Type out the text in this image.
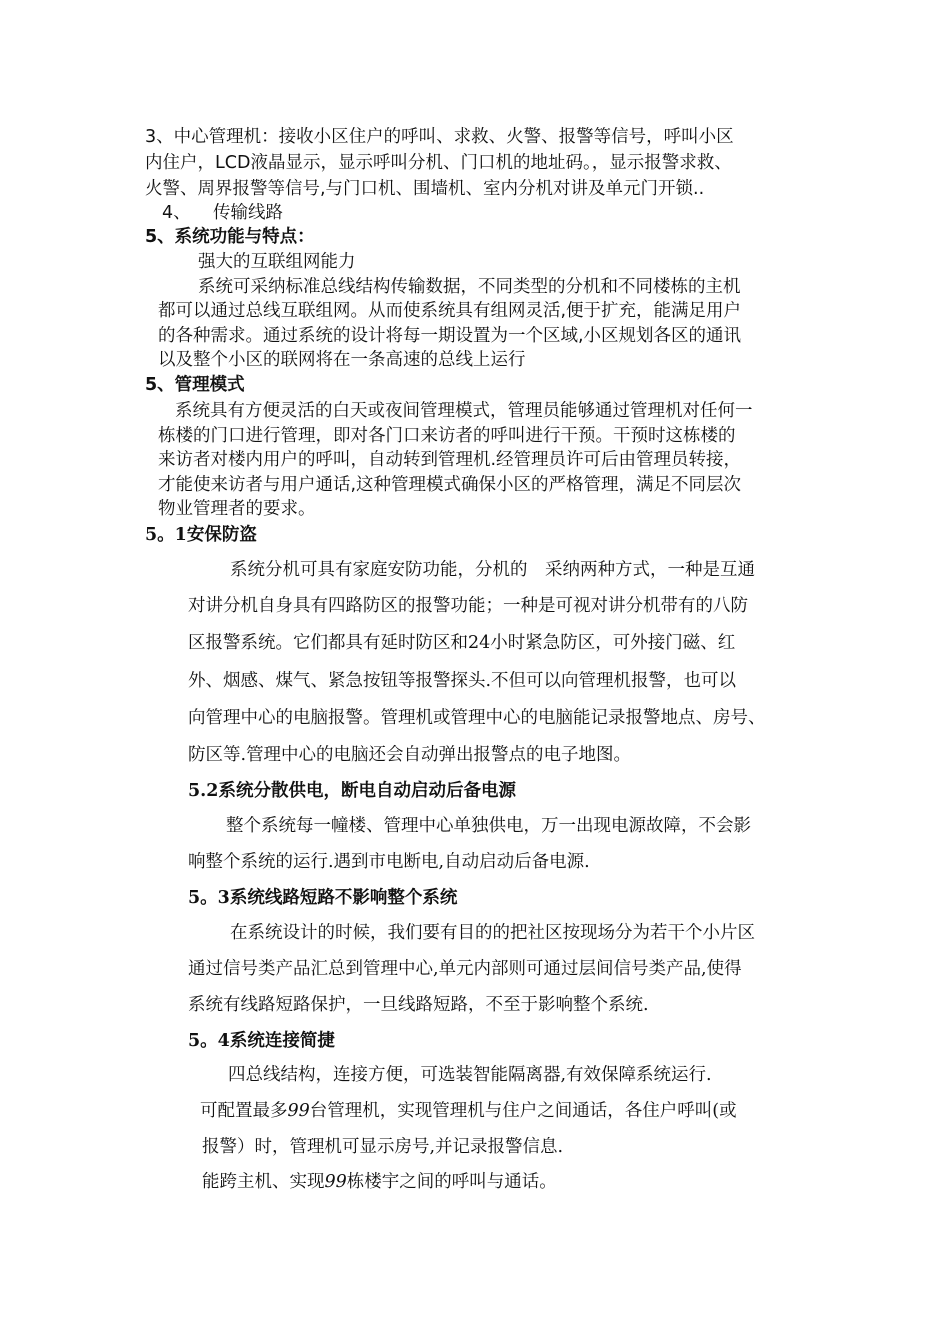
3、中心管理机：接收小区住户的呼叫、求救、火警、报警等信号，呼叫小区
内住户，LCD液晶显示，显示呼叫分机、门口机的地址码。，显示报警求救、
火警、周界报警等信号,与门口机、围墙机、室内分机对讲及单元门开锁..
4、 传输线路
5、系统功能与特点：
强大的互联组网能力
系统可采纳标准总线结构传输数据，不同类型的分机和不同楼栋的主机
都可以通过总线互联组网。从而使系统具有组网灵活,便于扩充，能满足用户
的各种需求。通过系统的设计将每一期设置为一个区域,小区规划各区的通讯
以及整个小区的联网将在一条高速的总线上运行
5、管理模式
系统具有方便灵活的白天或夜间管理模式，管理员能够通过管理机对任何一
栋楼的门口进行管理，即对各门口来访者的呼叫进行干预。干预时这栋楼的
来访者对楼内用户的呼叫，自动转到管理机.经管理员许可后由管理员转接，
才能使来访者与用户通话,这种管理模式确保小区的严格管理，满足不同层次
物业管理者的要求。
5。1安保防盗
系统分机可具有家庭安防功能，分机的　采纳两种方式，一种是互通
对讲分机自身具有四路防区的报警功能；一种是可视对讲分机带有的八防
区报警系统。它们都具有延时防区和24小时紧急防区，可外接门磁、红
外、烟感、煤气、紧急按钮等报警探头.不但可以向管理机报警，也可以
向管理中心的电脑报警。管理机或管理中心的电脑能记录报警地点、房号、
防区等.管理中心的电脑还会自动弹出报警点的电子地图。
5.2系统分散供电，断电自动启动后备电源
整个系统每一幢楼、管理中心单独供电，万一出现电源故障，不会影
响整个系统的运行.遇到市电断电,自动启动后备电源.
5。3系统线路短路不影响整个系统
在系统设计的时候，我们要有目的的把社区按现场分为若干个小片区
通过信号类产品汇总到管理中心,单元内部则可通过层间信号类产品,使得
系统有线路短路保护，一旦线路短路，不至于影响整个系统.
5。4系统连接简捷
四总线结构，连接方便，可选装智能隔离器,有效保障系统运行.
可配置最多99台管理机，实现管理机与住户之间通话，各住户呼叫(或
报警）时，管理机可显示房号,并记录报警信息.
能跨主机、实现99栋楼宇之间的呼叫与通话。
